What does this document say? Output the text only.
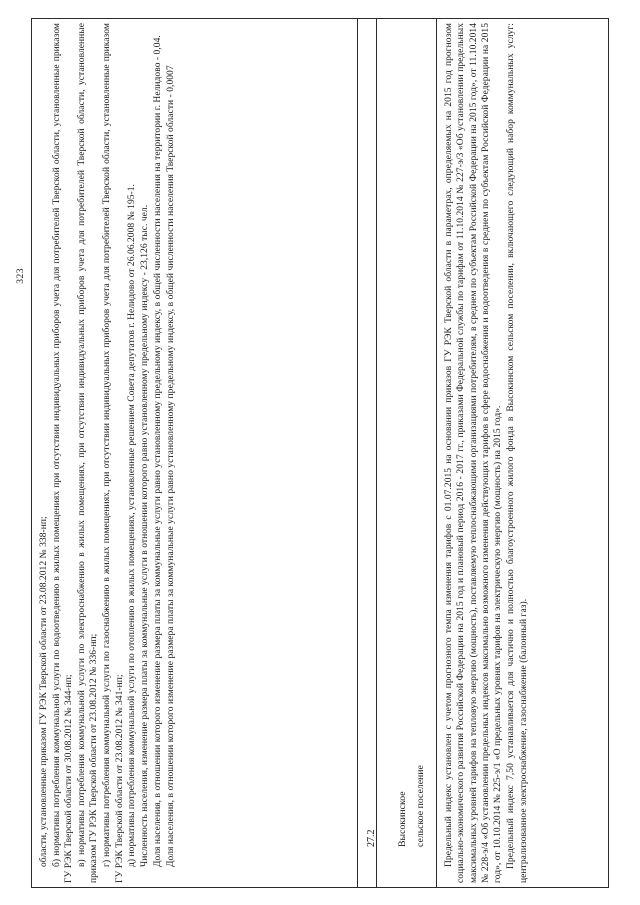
323

области, установленные приказом ГУ РЭК Тверской области от 23.08.2012 № 338-нп; б) нормативы потребления коммунальной услуги по водоотведению в жилых помещениях при отсутствии индивидуальных приборов учета для потребителей Тверской области, установленные приказом ГУ РЭК Тверской области от 30.08.2012 № 344-нп; в) нормативы потребления коммунальной услуги по электроснабжению в жилых помещениях, при отсутствии индивидуальных приборов учета для потребителей Тверской области, установленные приказом ГУ РЭК Тверской области от 23.08.2012 № 336-нп; г) нормативы потребления коммунальной услуги по газоснабжению в жилых помещениях, при отсутствии индивидуальных приборов учета для потребителей Тверской области, установленные приказом ГУ РЭК Тверской области от 23.08.2012 № 341-нп; д) нормативы потребления коммунальной услуги по отоплению в жилых помещениях, установленные решением Совета депутатов г. Нелидово от 26.06.2008 № 195-1. Численность населения, изменение размера платы за коммунальные услуги в отношении которого равно установленному предельному индексу - 23,126 тыс. чел. Доля населения, в отношении которого изменение размера платы за коммунальные услуги равно установленному предельному индексу, в общей численности населения на территории г. Нелидово - 0,04. Доля населения, в отношении которого изменение размера платы за коммунальные услуги равно установленному предельному индексу, в общей численности населения Тверской области - 0,0007	27.2 Высокинское сельское поселение Предельный индекс установлен с учетом прогнозного темпа изменения тарифов с 01.07.2015 на основании приказов ГУ РЭК Тверской области в параметрах, определяемых на 2015 год прогнозом социально-экономического развития Российской Федерации на 2015 год и плановый период 2016 - 2017 гг., приказами Федеральной службы по тарифам от 11.10.2014 № 227-э/3 «Об установлении предельных максимальных уровней тарифов на тепловую энергию (мощность), поставляемую теплоснабжающими организациями потребителям, в среднем по субъектам Российской Федерации на 2015 год», от 11.10.2014 № 228-э/4 «Об установлении предельных индексов максимально возможного изменения действующих тарифов в сфере водоснабжения и водоотведения в среднем по субъектам Российской Федерации на 2015 год», от 10.10.2014 № 225-э/1 «О предельных уровнях тарифов на электрическую энергию (мощность) на 2015 год». Предельный индекс 7,50 устанавливается для частично и полностью благоустроенного жилого фонда в Высокинском сельском поселении, включающего следующий набор коммунальных услуг: централизованное электроснабжение, газоснабжение (балонный газ).
